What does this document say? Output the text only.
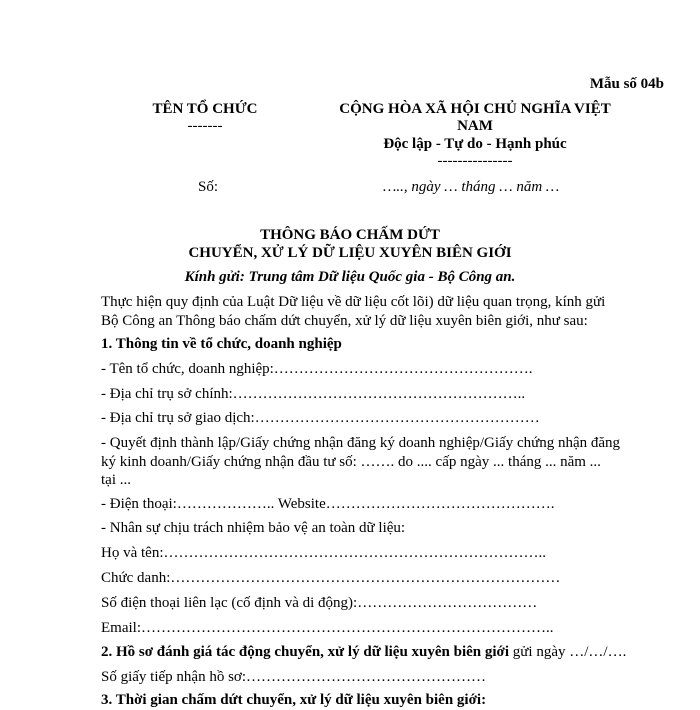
Mẫu số 04b
TÊN TỔ CHỨC
-------
CỘNG HÒA XÃ HỘI CHỦ NGHĨA VIỆT
NAM
Độc lập - Tự do - Hạnh phúc
---------------
Số:	….., ngày … tháng … năm …
THÔNG BÁO CHẤM DỨT
CHUYỂN, XỬ LÝ DỮ LIỆU XUYÊN BIÊN GIỚI
Kính gửi: Trung tâm Dữ liệu Quốc gia - Bộ Công an.
Thực hiện quy định của Luật Dữ liệu về dữ liệu cốt lõi) dữ liệu quan trọng, kính gửi
Bộ Công an Thông báo chấm dứt chuyển, xử lý dữ liệu xuyên biên giới, như sau:
1. Thông tin về tổ chức, doanh nghiệp
- Tên tổ chức, doanh nghiệp:…………………………………………….
- Địa chỉ trụ sở chính:…………………………………………………..
- Địa chỉ trụ sở giao dịch:…………………………………………………
- Quyết định thành lập/Giấy chứng nhận đăng ký doanh nghiệp/Giấy chứng nhận đăng
ký kinh doanh/Giấy chứng nhận đầu tư số: ……. do .... cấp ngày ... tháng ... năm ...
tại ...
- Điện thoại:……………….. Website……………………………………….
- Nhân sự chịu trách nhiệm bảo vệ an toàn dữ liệu:
Họ và tên:…………………………………………………………………..
Chức danh:……………………………………………………………………
Số điện thoại liên lạc (cố định và di động):………………………………
Email:………………………………………………………………………..
2. Hồ sơ đánh giá tác động chuyển, xử lý dữ liệu xuyên biên giới gửi ngày …/…/….
Số giấy tiếp nhận hồ sơ:…………………………………………
3. Thời gian chấm dứt chuyển, xử lý dữ liệu xuyên biên giới:
